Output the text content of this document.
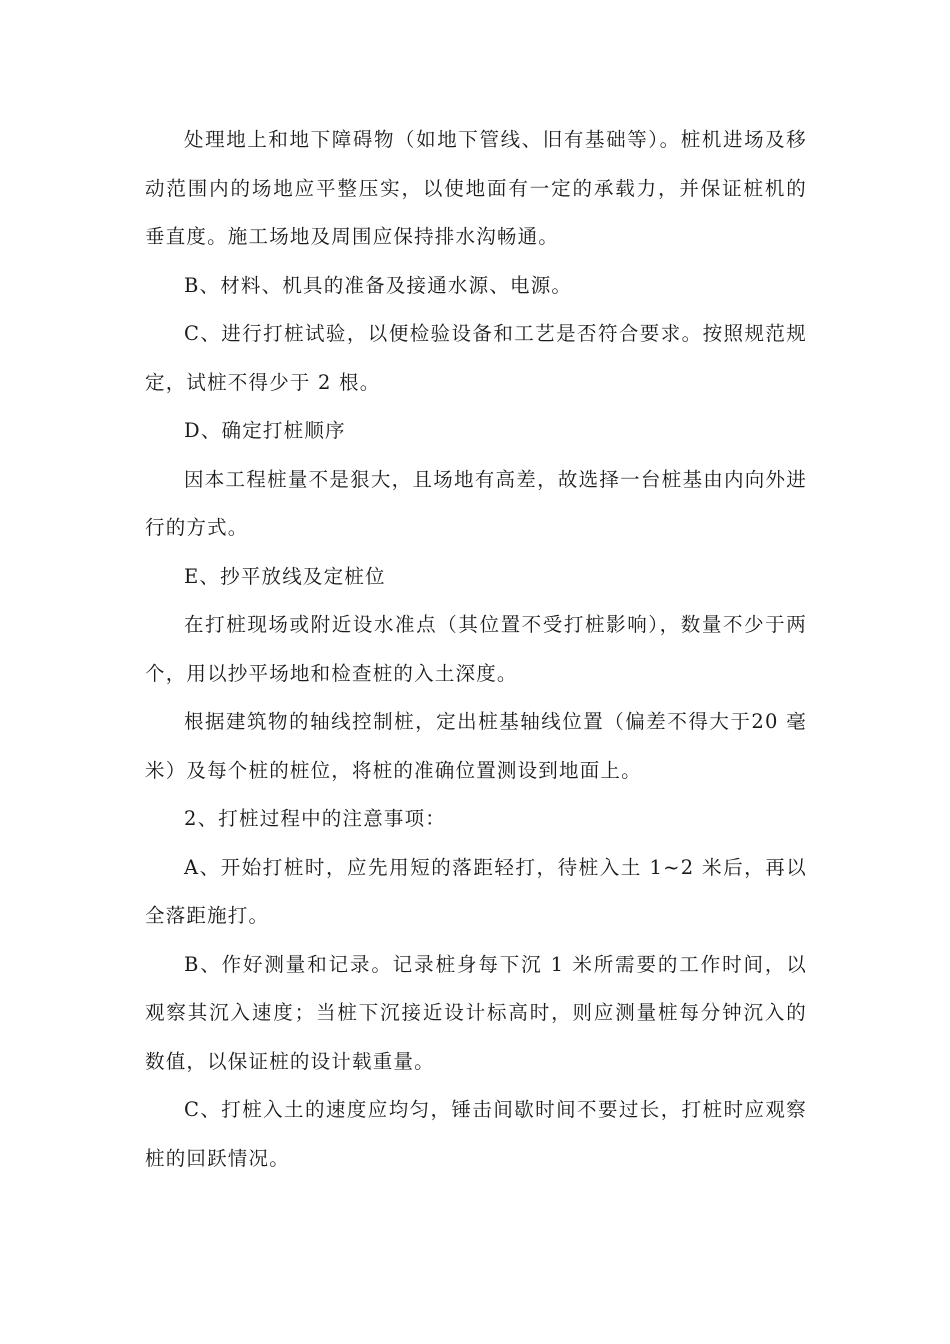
处理地上和地下障碍物（如地下管线、旧有基础等）。桩机进场及移动范围内的场地应平整压实，以使地面有一定的承载力，并保证桩机的垂直度。施工场地及周围应保持排水沟畅通。

B、材料、机具的准备及接通水源、电源。

C、进行打桩试验，以便检验设备和工艺是否符合要求。按照规范规定，试桩不得少于 2 根。

D、确定打桩顺序

因本工程桩量不是狠大，且场地有高差，故选择一台桩基由内向外进行的方式。

E、抄平放线及定桩位

在打桩现场或附近设水准点（其位置不受打桩影响），数量不少于两个，用以抄平场地和检查桩的入土深度。

根据建筑物的轴线控制桩，定出桩基轴线位置（偏差不得大于20 毫米）及每个桩的桩位，将桩的准确位置测设到地面上。

2、打桩过程中的注意事项：

A、开始打桩时，应先用短的落距轻打，待桩入土 1~2 米后，再以全落距施打。

B、作好测量和记录。记录桩身每下沉 1 米所需要的工作时间，以观察其沉入速度；当桩下沉接近设计标高时，则应测量桩每分钟沉入的数值，以保证桩的设计载重量。

C、打桩入土的速度应均匀，锤击间歇时间不要过长，打桩时应观察桩的回跃情况。
